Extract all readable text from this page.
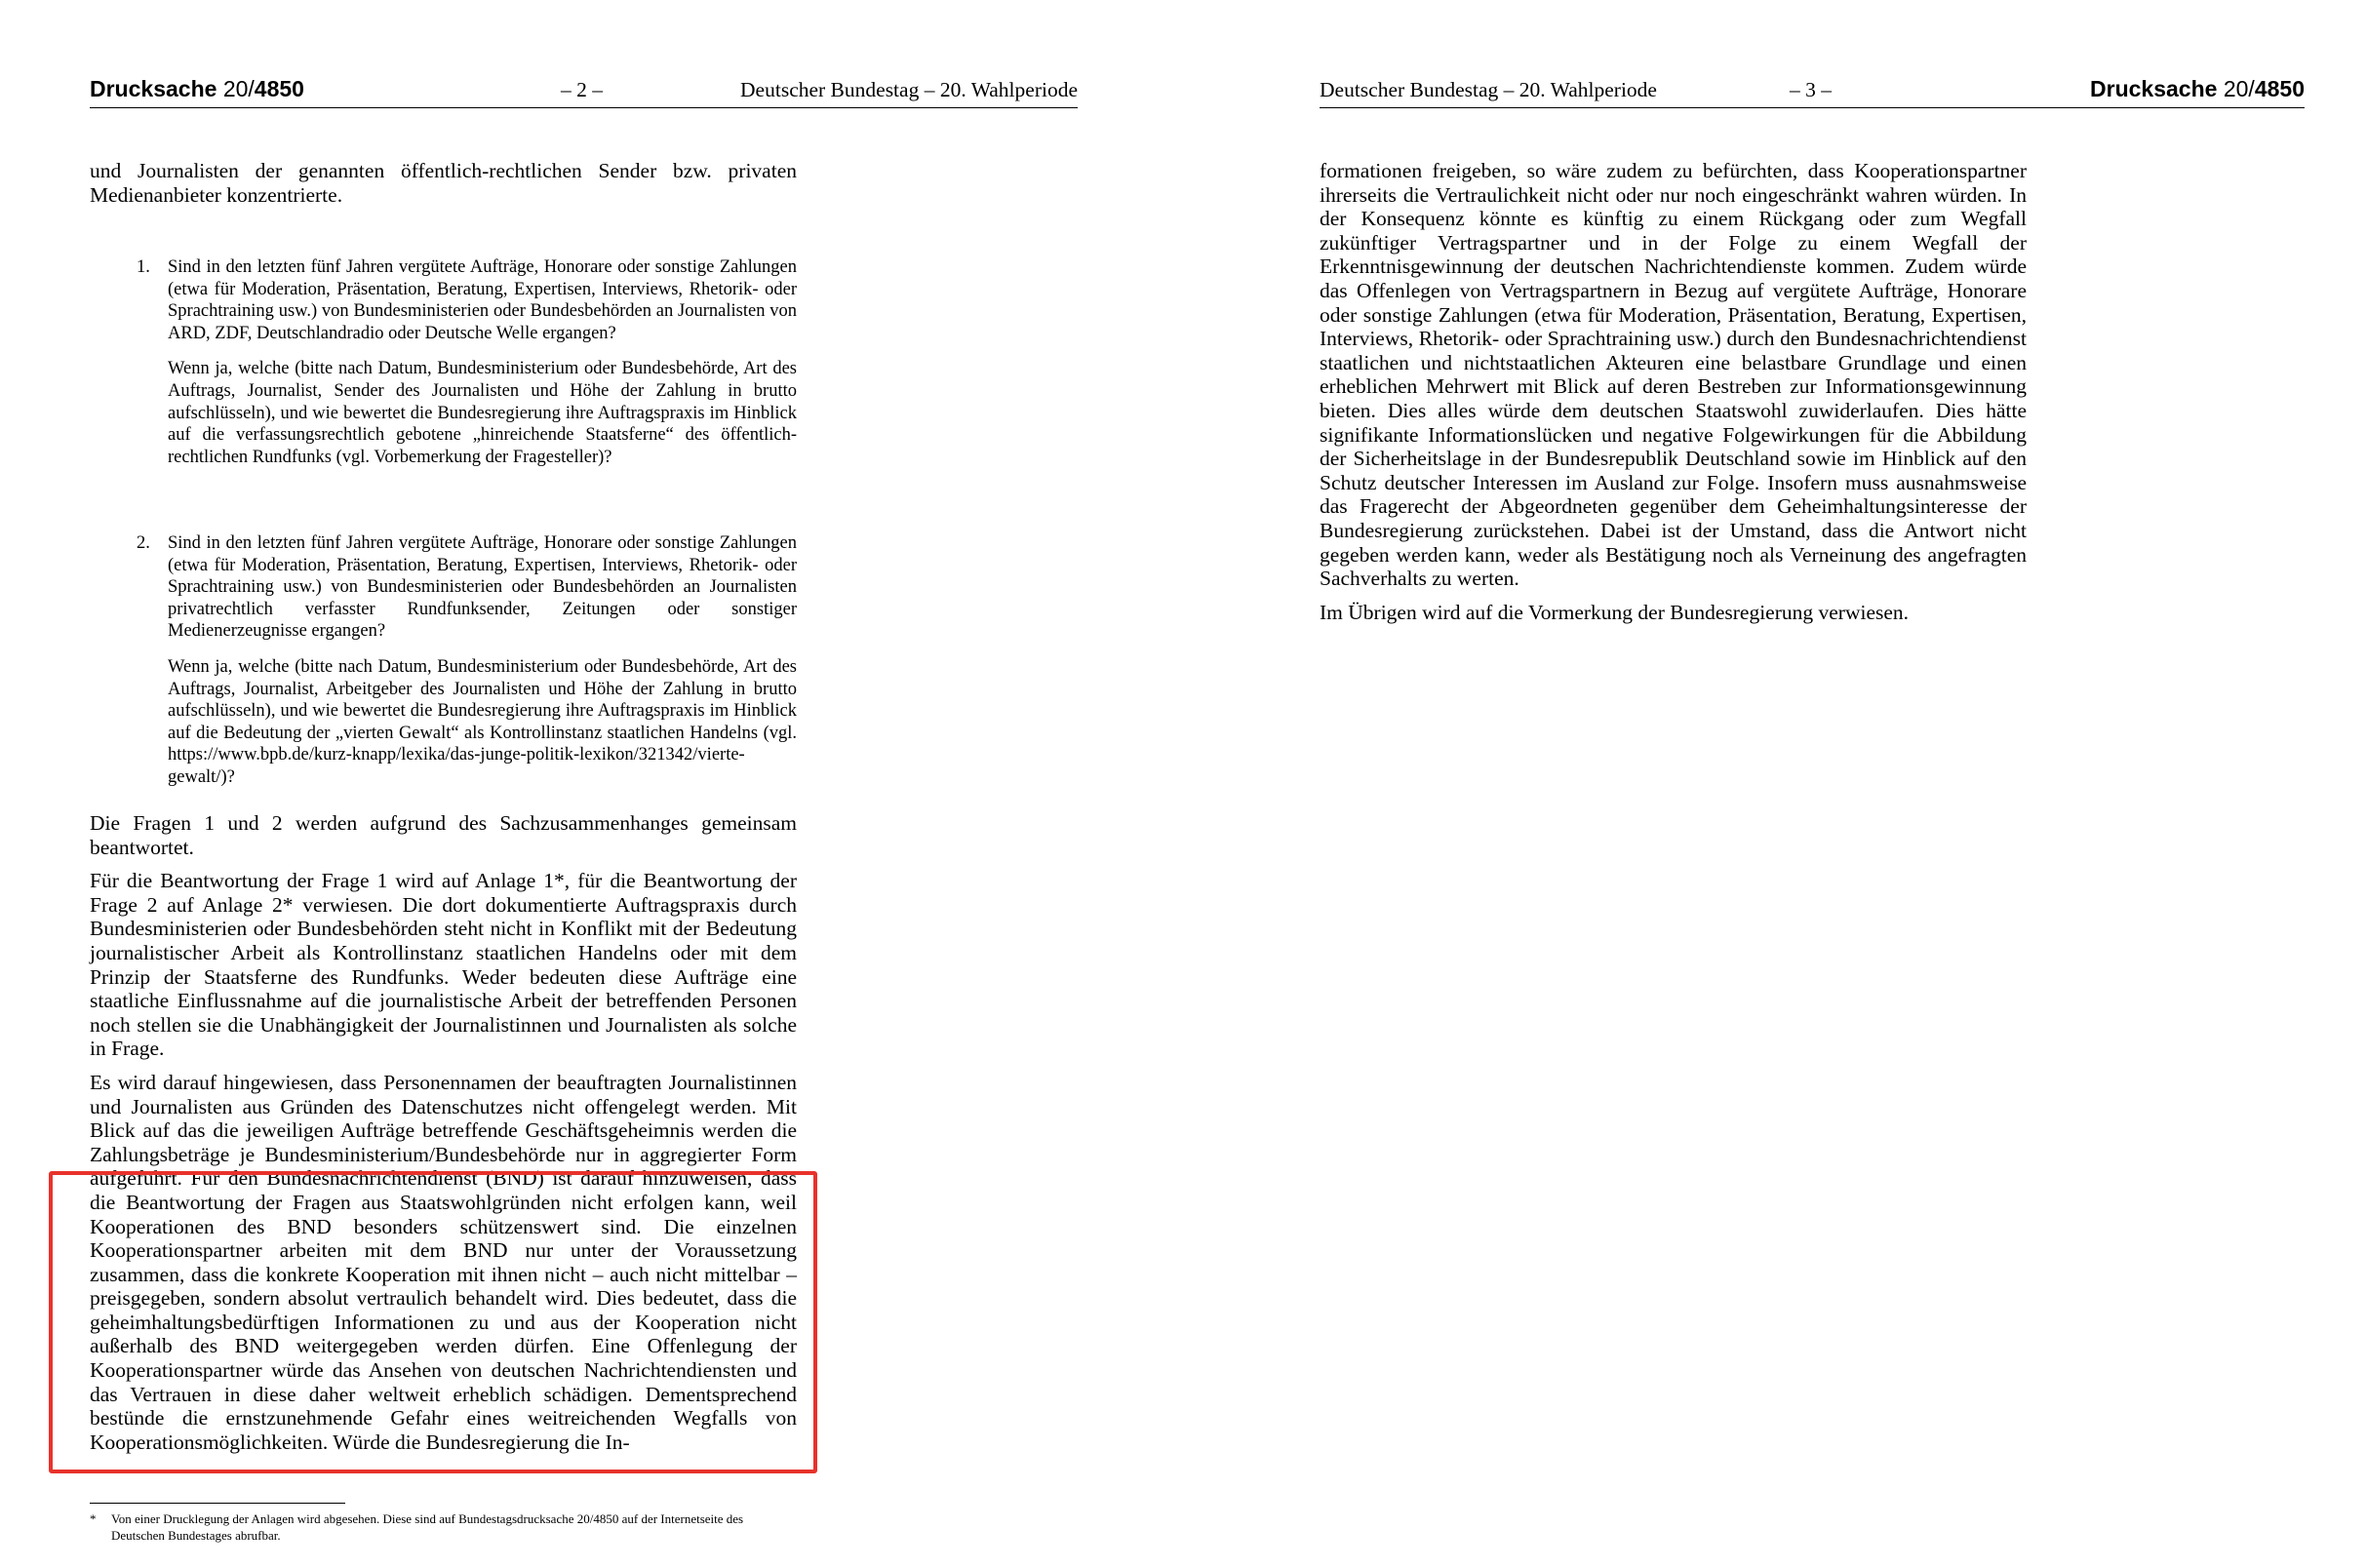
Drucksache 20/4850	– 2 –	Deutscher Bundestag – 20. Wahlperiode

und Journalisten der genannten öffentlich-rechtlichen Sender bzw. privaten Medienanbieter konzentrierte.

1. Sind in den letzten fünf Jahren vergütete Aufträge, Honorare oder sonstige Zahlungen (etwa für Moderation, Präsentation, Beratung, Expertisen, Interviews, Rhetorik- oder Sprachtraining usw.) von Bundesministerien oder Bundesbehörden an Journalisten von ARD, ZDF, Deutschlandradio oder Deutsche Welle ergangen?

Wenn ja, welche (bitte nach Datum, Bundesministerium oder Bundesbehörde, Art des Auftrags, Journalist, Sender des Journalisten und Höhe der Zahlung in brutto aufschlüsseln), und wie bewertet die Bundesregierung ihre Auftragspraxis im Hinblick auf die verfassungsrechtlich gebotene „hinreichende Staatsferne“ des öffentlich-rechtlichen Rundfunks (vgl. Vorbemerkung der Fragesteller)?

2. Sind in den letzten fünf Jahren vergütete Aufträge, Honorare oder sonstige Zahlungen (etwa für Moderation, Präsentation, Beratung, Expertisen, Interviews, Rhetorik- oder Sprachtraining usw.) von Bundesministerien oder Bundesbehörden an Journalisten privatrechtlich verfasster Rundfunksender, Zeitungen oder sonstiger Medienerzeugnisse ergangen?

Wenn ja, welche (bitte nach Datum, Bundesministerium oder Bundesbehörde, Art des Auftrags, Journalist, Arbeitgeber des Journalisten und Höhe der Zahlung in brutto aufschlüsseln), und wie bewertet die Bundesregierung ihre Auftragspraxis im Hinblick auf die Bedeutung der „vierten Gewalt“ als Kontrollinstanz staatlichen Handelns (vgl. https://www.bpb.de/kurz-knapp/lexika/das-junge-politik-lexikon/321342/vierte-gewalt/)?

Die Fragen 1 und 2 werden aufgrund des Sachzusammenhanges gemeinsam beantwortet.

Für die Beantwortung der Frage 1 wird auf Anlage 1*, für die Beantwortung der Frage 2 auf Anlage 2* verwiesen. Die dort dokumentierte Auftragspraxis durch Bundesministerien oder Bundesbehörden steht nicht in Konflikt mit der Bedeutung journalistischer Arbeit als Kontrollinstanz staatlichen Handelns oder mit dem Prinzip der Staatsferne des Rundfunks. Weder bedeuten diese Aufträge eine staatliche Einflussnahme auf die journalistische Arbeit der betreffenden Personen noch stellen sie die Unabhängigkeit der Journalistinnen und Journalisten als solche in Frage.

Es wird darauf hingewiesen, dass Personennamen der beauftragten Journalistinnen und Journalisten aus Gründen des Datenschutzes nicht offengelegt werden. Mit Blick auf das die jeweiligen Aufträge betreffende Geschäftsgeheimnis werden die Zahlungsbeträge je Bundesministerium/Bundesbehörde nur in aggregierter Form aufgeführt. Für den Bundesnachrichtendienst (BND) ist darauf hinzuweisen, dass die Beantwortung der Fragen aus Staatswohlgründen nicht erfolgen kann, weil Kooperationen des BND besonders schützenswert sind. Die einzelnen Kooperationspartner arbeiten mit dem BND nur unter der Voraussetzung zusammen, dass die konkrete Kooperation mit ihnen nicht – auch nicht mittelbar – preisgegeben, sondern absolut vertraulich behandelt wird. Dies bedeutet, dass die geheimhaltungsbedürftigen Informationen zu und aus der Kooperation nicht außerhalb des BND weitergegeben werden dürfen. Eine Offenlegung der Kooperationspartner würde das Ansehen von deutschen Nachrichtendiensten und das Vertrauen in diese daher weltweit erheblich schädigen. Dementsprechend bestünde die ernstzunehmende Gefahr eines weitreichenden Wegfalls von Kooperationsmöglichkeiten. Würde die Bundesregierung die In-

* Von einer Drucklegung der Anlagen wird abgesehen. Diese sind auf Bundestagsdrucksache 20/4850 auf der Internetseite des Deutschen Bundestages abrufbar.
Deutscher Bundestag – 20. Wahlperiode	– 3 –	Drucksache 20/4850

formationen freigeben, so wäre zudem zu befürchten, dass Kooperationspartner ihrerseits die Vertraulichkeit nicht oder nur noch eingeschränkt wahren würden. In der Konsequenz könnte es künftig zu einem Rückgang oder zum Wegfall zukünftiger Vertragspartner und in der Folge zu einem Wegfall der Erkenntnisgewinnung der deutschen Nachrichtendienste kommen. Zudem würde das Offenlegen von Vertragspartnern in Bezug auf vergütete Aufträge, Honorare oder sonstige Zahlungen (etwa für Moderation, Präsentation, Beratung, Expertisen, Interviews, Rhetorik- oder Sprachtraining usw.) durch den Bundesnachrichtendienst staatlichen und nichtstaatlichen Akteuren eine belastbare Grundlage und einen erheblichen Mehrwert mit Blick auf deren Bestreben zur Informationsgewinnung bieten. Dies alles würde dem deutschen Staatswohl zuwiderlaufen. Dies hätte signifikante Informationslücken und negative Folgewirkungen für die Abbildung der Sicherheitslage in der Bundesrepublik Deutschland sowie im Hinblick auf den Schutz deutscher Interessen im Ausland zur Folge. Insofern muss ausnahmsweise das Fragerecht der Abgeordneten gegenüber dem Geheimhaltungsinteresse der Bundesregierung zurückstehen. Dabei ist der Umstand, dass die Antwort nicht gegeben werden kann, weder als Bestätigung noch als Verneinung des angefragten Sachverhalts zu werten.

Im Übrigen wird auf die Vormerkung der Bundesregierung verwiesen.
